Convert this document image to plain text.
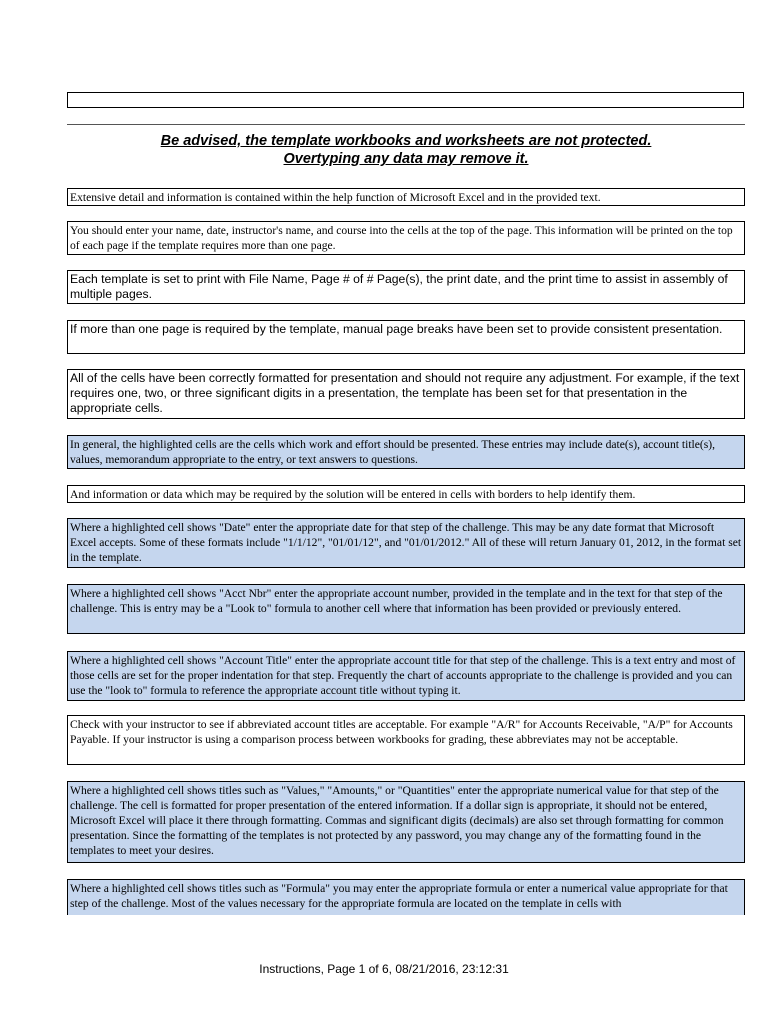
Be advised, the template workbooks and worksheets are not protected.
Overtyping any data may remove it.
Extensive detail and information is contained within the help function of Microsoft Excel and in the provided text.
You should enter your name, date, instructor's name, and course into the cells at the top of the page. This information will be printed on the top of each page if the template requires more than one page.
Each template is set to print with File Name, Page # of # Page(s), the print date, and the print time to assist in assembly of multiple pages.
If more than one page is required by the template, manual page breaks have been set to provide consistent presentation.
All of the cells have been correctly formatted for presentation and should not require any adjustment. For example, if the text requires one, two, or three significant digits in a presentation, the template has been set for that presentation in the appropriate cells.
In general, the highlighted cells are the cells which work and effort should be presented. These entries may include date(s), account title(s), values, memorandum appropriate to the entry, or text answers to questions.
And information or data which may be required by the solution will be entered in cells with borders to help identify them.
Where a highlighted cell shows "Date" enter the appropriate date for that step of the challenge. This may be any date format that Microsoft Excel accepts. Some of these formats include "1/1/12", "01/01/12", and "01/01/2012." All of these will return January 01, 2012, in the format set in the template.
Where a highlighted cell shows "Acct Nbr" enter the appropriate account number, provided in the template and in the text for that step of the challenge. This is entry may be a "Look to" formula to another cell where that information has been provided or previously entered.
Where a highlighted cell shows "Account Title" enter the appropriate account title for that step of the challenge. This is a text entry and most of those cells are set for the proper indentation for that step. Frequently the chart of accounts appropriate to the challenge is provided and you can use the "look to" formula to reference the appropriate account title without typing it.
Check with your instructor to see if abbreviated account titles are acceptable. For example "A/R" for Accounts Receivable, "A/P" for Accounts Payable. If your instructor is using a comparison process between workbooks for grading, these abbreviates may not be acceptable.
Where a highlighted cell shows titles such as "Values," "Amounts," or "Quantities" enter the appropriate numerical value for that step of the challenge. The cell is formatted for proper presentation of the entered information. If a dollar sign is appropriate, it should not be entered, Microsoft Excel will place it there through formatting. Commas and significant digits (decimals) are also set through formatting for common presentation. Since the formatting of the templates is not protected by any password, you may change any of the formatting found in the templates to meet your desires.
Where a highlighted cell shows titles such as "Formula" you may enter the appropriate formula or enter a numerical value appropriate for that step of the challenge. Most of the values necessary for the appropriate formula are located on the template in cells with
Instructions, Page 1 of 6, 08/21/2016, 23:12:31
